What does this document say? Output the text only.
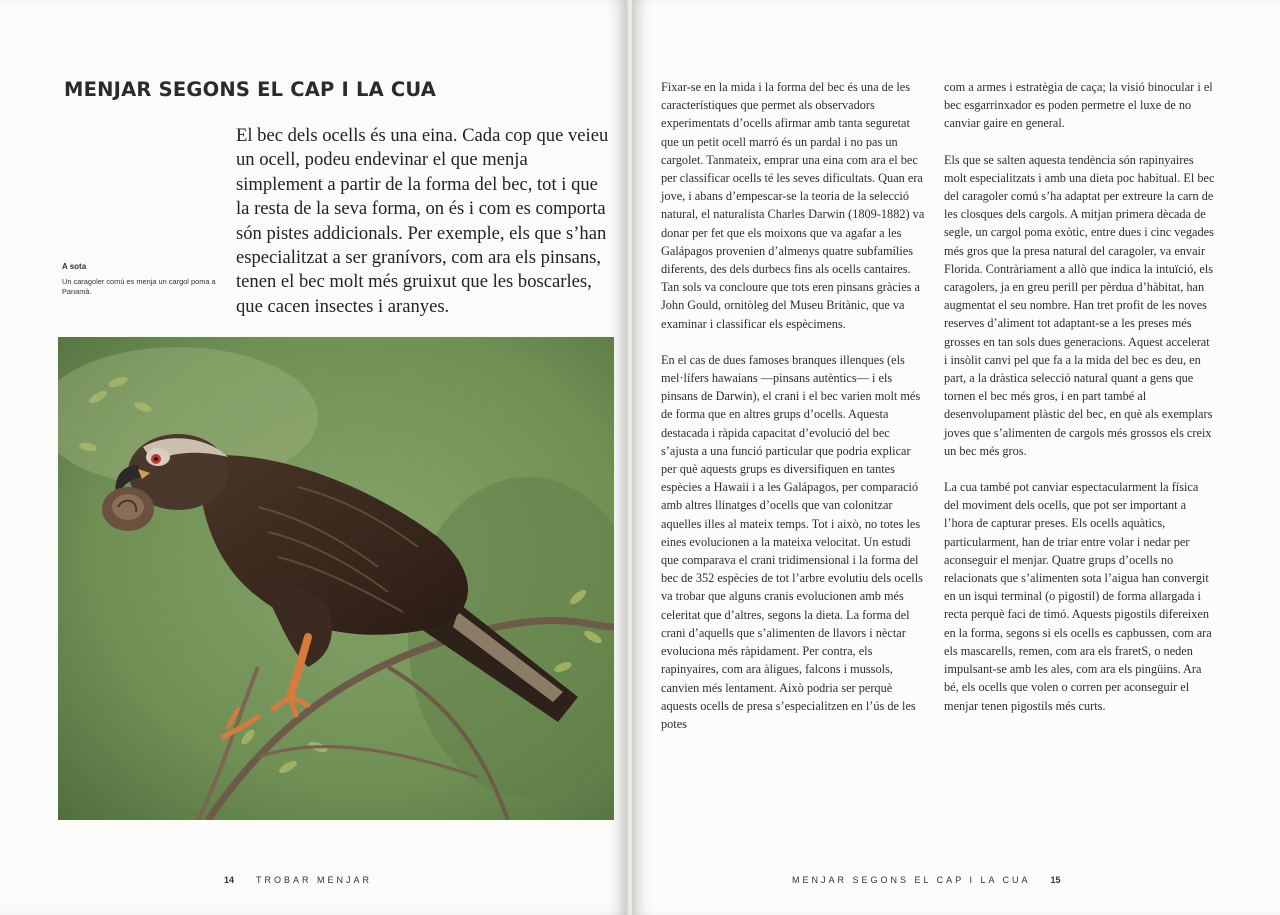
MENJAR SEGONS EL CAP I LA CUA

El bec dels ocells és una eina. Cada cop que veieu un ocell, podeu endevinar el que menja simplement a partir de la forma del bec, tot i que la resta de la seva forma, on és i com es comporta són pistes addicionals. Per exemple, els que s’han especialitzat a ser granívors, com ara els pinsans, tenen el bec molt més gruixut que les boscarles, que cacen insectes i aranyes.

A sota

Un caragoler comú es menja un cargol poma a Panamà.

14 TROBAR MENJAR

Fixar-se en la mida i la forma del bec és una de les característiques que permet als observadors experimentats d’ocells afirmar amb tanta seguretat que un petit ocell marró és un pardal i no pas un cargolet. Tanmateix, emprar una eina com ara el bec per classificar ocells té les seves dificultats. Quan era jove, i abans d’empescar-se la teoria de la selecció natural, el naturalista Charles Darwin (1809-1882) va donar per fet que els moixons que va agafar a les Galápagos provenien d’almenys quatre subfamílies diferents, des dels durbecs fins als ocells cantaires. Tan sols va concloure que tots eren pinsans gràcies a John Gould, ornitòleg del Museu Britànic, que va examinar i classificar els espècimens.

En el cas de dues famoses branques illenques (els mel·lífers hawaians —pinsans autèntics— i els pinsans de Darwin), el crani i el bec varien molt més de forma que en altres grups d’ocells. Aquesta destacada i ràpida capacitat d’evolució del bec s’ajusta a una funció particular que podria explicar per què aquests grups es diversifiquen en tantes espècies a Hawaii i a les Galápagos, per comparació amb altres llinatges d’ocells que van colonitzar aquelles illes al mateix temps. Tot i això, no totes les eines evolucionen a la mateixa velocitat. Un estudi que comparava el crani tridimensional i la forma del bec de 352 espècies de tot l’arbre evolutiu dels ocells va trobar que alguns cranis evolucionen amb més celeritat que d’altres, segons la dieta. La forma del crani d’aquells que s’alimenten de llavors i nèctar evoluciona més ràpidament. Per contra, els rapinyaires, com ara àligues, falcons i mussols, canvien més lentament. Això podria ser perquè aquests ocells de presa s’especialitzen en l’ús de les potes

com a armes i estratègia de caça; la visió binocular i el bec esgarrinxador es poden permetre el luxe de no canviar gaire en general.

Els que se salten aquesta tendència són rapinyaires molt especialitzats i amb una dieta poc habitual. El bec del caragoler comú s’ha adaptat per extreure la carn de les closques dels cargols. A mitjan primera dècada de segle, un cargol poma exòtic, entre dues i cinc vegades més gros que la presa natural del caragoler, va envair Florida. Contràriament a allò que indica la intuïció, els caragolers, ja en greu perill per pèrdua d’hàbitat, han augmentat el seu nombre. Han tret profit de les noves reserves d’aliment tot adaptant-se a les preses més grosses en tan sols dues generacions. Aquest accelerat i insòlit canvi pel que fa a la mida del bec es deu, en part, a la dràstica selecció natural quant a gens que tornen el bec més gros, i en part també al desenvolupament plàstic del bec, en què als exemplars joves que s’alimenten de cargols més grossos els creix un bec més gros.

La cua també pot canviar espectacularment la física del moviment dels ocells, que pot ser important a l’hora de capturar preses. Els ocells aquàtics, particularment, han de triar entre volar i nedar per aconseguir el menjar. Quatre grups d’ocells no relacionats que s’alimenten sota l’aigua han convergit en un isqui terminal (o pigostil) de forma allargada i recta perquè faci de timó. Aquests pigostils difereixen en la forma, segons si els ocells es capbussen, com ara els mascarells, remen, com ara els fraretS, o neden impulsant-se amb les ales, com ara els pingüins. Ara bé, els ocells que volen o corren per aconseguir el menjar tenen pigostils més curts.

MENJAR SEGONS EL CAP I LA CUA 15
